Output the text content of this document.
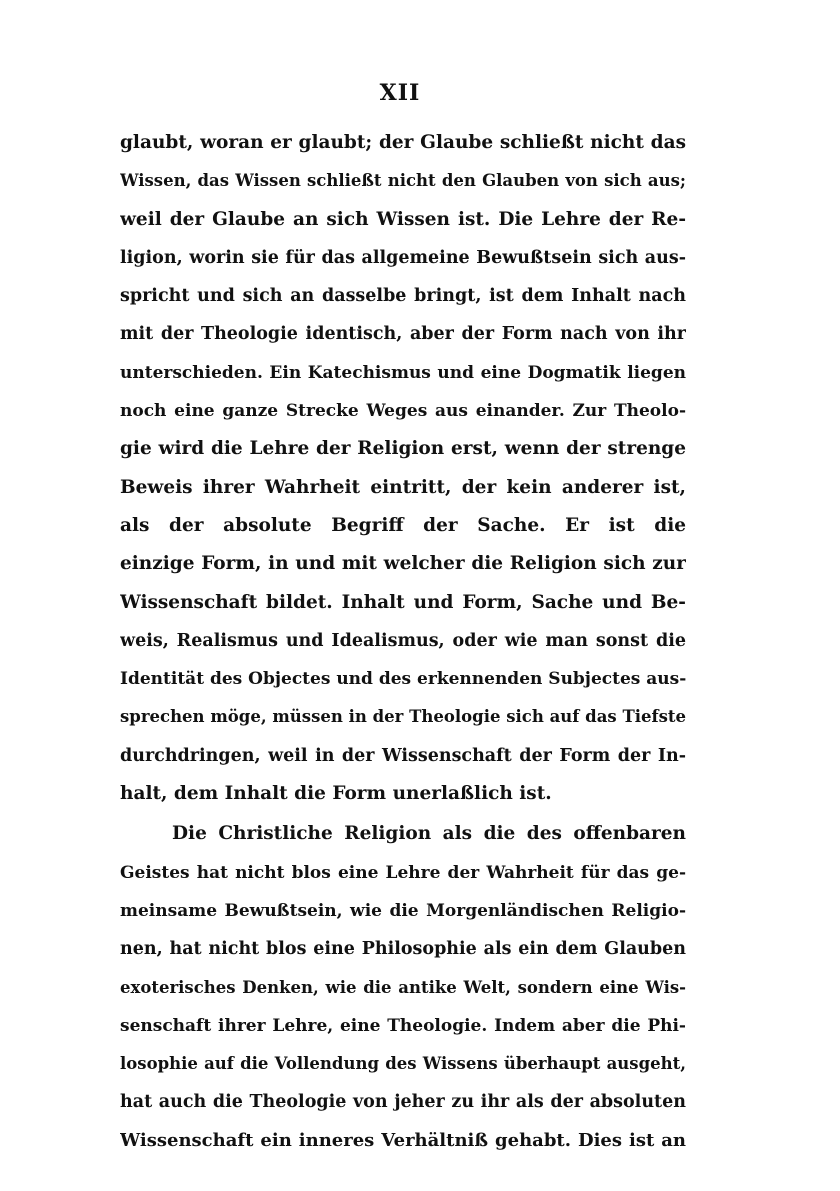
XII
glaubt, woran er glaubt; der Glaube schließt nicht das
Wissen, das Wissen schließt nicht den Glauben von sich aus;
weil der Glaube an sich Wissen ist. Die Lehre der Re-
ligion, worin sie für das allgemeine Bewußtsein sich aus-
spricht und sich an dasselbe bringt, ist dem Inhalt nach
mit der Theologie identisch, aber der Form nach von ihr
unterschieden. Ein Katechismus und eine Dogmatik liegen
noch eine ganze Strecke Weges aus einander. Zur Theolo-
gie wird die Lehre der Religion erst, wenn der strenge
Beweis ihrer Wahrheit eintritt, der kein anderer ist,
als der absolute Begriff der Sache. Er ist die
einzige Form, in und mit welcher die Religion sich zur
Wissenschaft bildet. Inhalt und Form, Sache und Be-
weis, Realismus und Idealismus, oder wie man sonst die
Identität des Objectes und des erkennenden Subjectes aus-
sprechen möge, müssen in der Theologie sich auf das Tiefste
durchdringen, weil in der Wissenschaft der Form der In-
halt, dem Inhalt die Form unerlaßlich ist.
Die Christliche Religion als die des offenbaren
Geistes hat nicht blos eine Lehre der Wahrheit für das ge-
meinsame Bewußtsein, wie die Morgenländischen Religio-
nen, hat nicht blos eine Philosophie als ein dem Glauben
exoterisches Denken, wie die antike Welt, sondern eine Wis-
senschaft ihrer Lehre, eine Theologie. Indem aber die Phi-
losophie auf die Vollendung des Wissens überhaupt ausgeht,
hat auch die Theologie von jeher zu ihr als der absoluten
Wissenschaft ein inneres Verhältniß gehabt. Dies ist an
